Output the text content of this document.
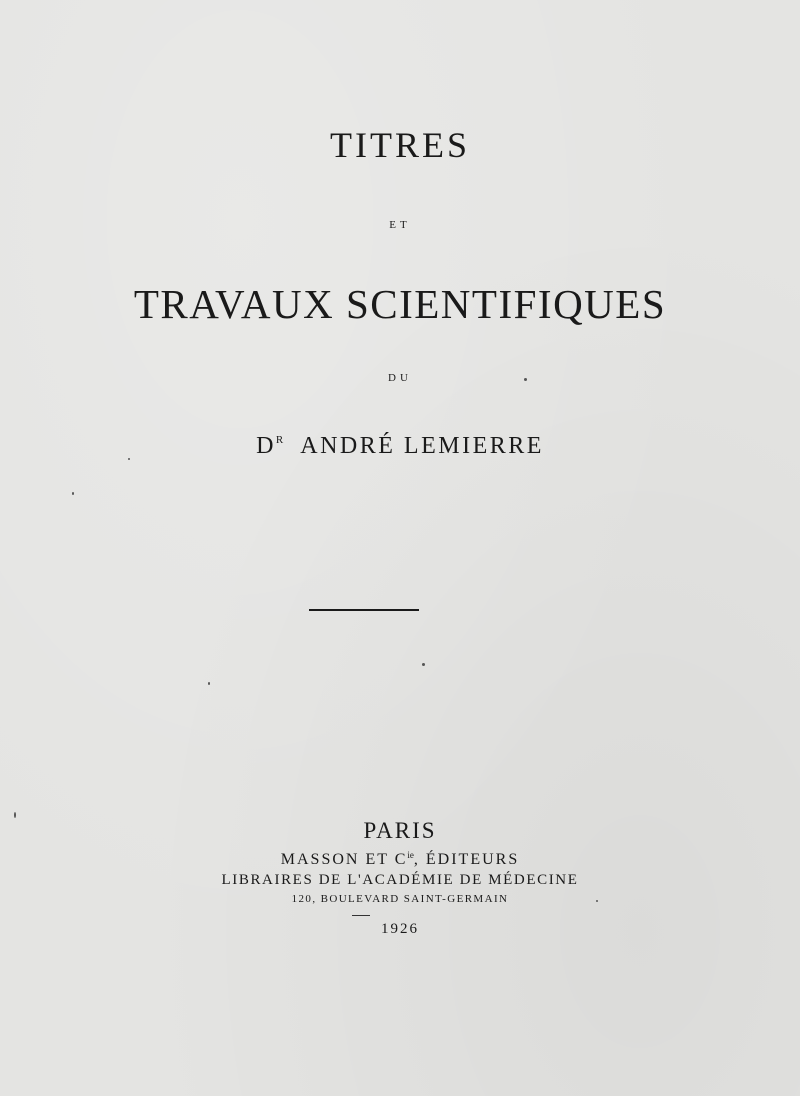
TITRES
ET
TRAVAUX SCIENTIFIQUES
DU
$D^R$ ANDRÉ LEMIERRE
PARIS
MASSON ET $C^{ie}$, ÉDITEURS
LIBRAIRES DE L'ACADÉMIE DE MÉDECINE
120, BOULEVARD SAINT-GERMAIN
1926
